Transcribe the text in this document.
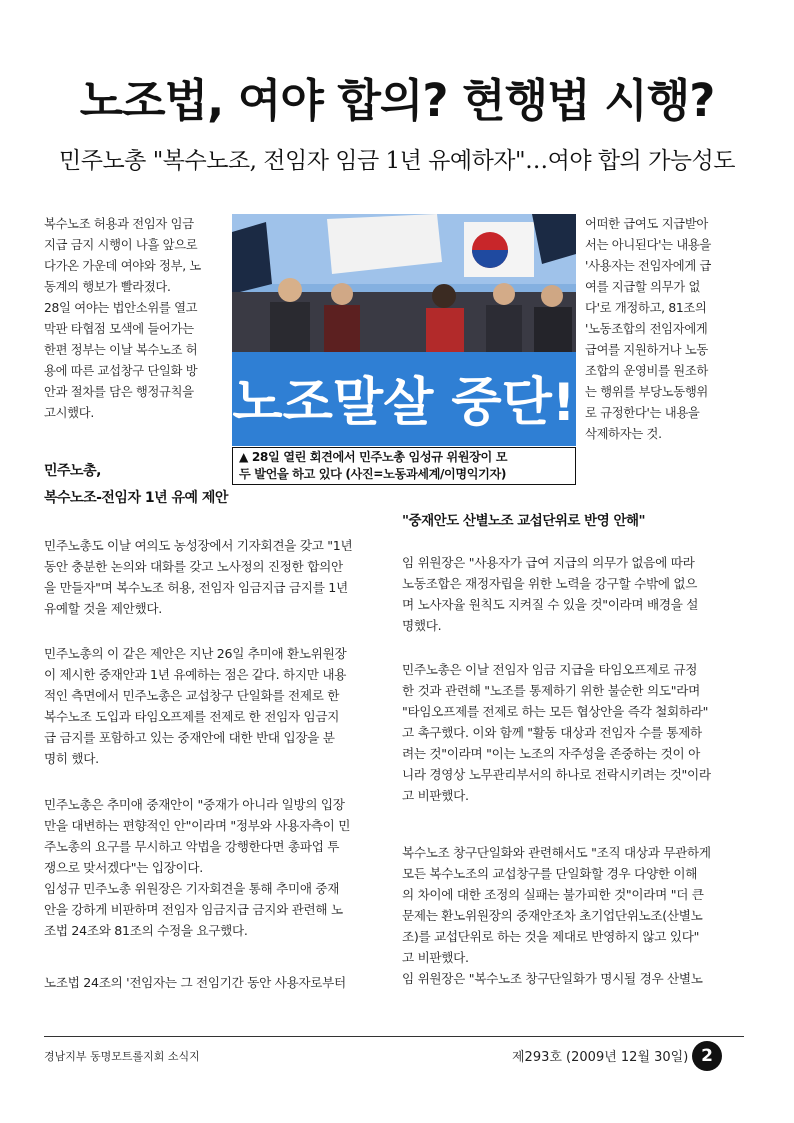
노조법, 여야 합의? 현행법 시행?
민주노총 "복수노조, 전임자 임금 1년 유예하자"…여야 합의 가능성도
복수노조 허용과 전임자 임금
지급 금지 시행이 나흘 앞으로
다가온 가운데 여야와 정부, 노
동계의 행보가 빨라졌다.
28일 여야는 법안소위를 열고
막판 타협점 모색에 들어가는
한편 정부는 이날 복수노조 허
용에 따른 교섭창구 단일화 방
안과 절차를 담은 행정규칙을
고시했다.
어떠한 급여도 지급받아
서는 아니된다'는 내용을
'사용자는 전임자에게 급
여를 지급할 의무가 없
다'로 개정하고, 81조의
'노동조합의 전임자에게
급여를 지원하거나 노동
조합의 운영비를 원조하
는 행위를 부당노동행위
로 규정한다'는 내용을
삭제하자는 것.
노조말살 중단!
▲ 28일 열린 회견에서 민주노총 임성규 위원장이 모
두 발언을 하고 있다 (사진=노동과세계/이명익기자)
민주노총,
복수노조-전임자 1년 유예 제안
"중재안도 산별노조 교섭단위로 반영 안해"
민주노총도 이날 여의도 농성장에서 기자회견을 갖고 "1년
동안 충분한 논의와 대화를 갖고 노사정의 진정한 합의안
을 만들자"며 복수노조 허용, 전임자 임금지급 금지를 1년
유예할 것을 제안했다.
민주노총의 이 같은 제안은 지난 26일 추미애 환노위원장
이 제시한 중재안과 1년 유예하는 점은 같다. 하지만 내용
적인 측면에서 민주노총은 교섭창구 단일화를 전제로 한
복수노조 도입과 타임오프제를 전제로 한 전임자 임금지
급 금지를 포함하고 있는 중재안에 대한 반대 입장을 분
명히 했다.
민주노총은 추미애 중재안이 "중재가 아니라 일방의 입장
만을 대변하는 편향적인 안"이라며 "정부와 사용자측이 민
주노총의 요구를 무시하고 악법을 강행한다면 총파업 투
쟁으로 맞서겠다"는 입장이다.
임성규 민주노총 위원장은 기자회견을 통해 추미애 중재
안을 강하게 비판하며 전임자 임금지급 금지와 관련해 노
조법 24조와 81조의 수정을 요구했다.
노조법 24조의 '전임자는 그 전임기간 동안 사용자로부터
임 위원장은 "사용자가 급여 지급의 의무가 없음에 따라
노동조합은 재정자립을 위한 노력을 강구할 수밖에 없으
며 노사자율 원칙도 지켜질 수 있을 것"이라며 배경을 설
명했다.
민주노총은 이날 전임자 임금 지급을 타임오프제로 규정
한 것과 관련해 "노조를 통제하기 위한 불순한 의도"라며
"타임오프제를 전제로 하는 모든 협상안을 즉각 철회하라"
고 촉구했다. 이와 함께 "활동 대상과 전임자 수를 통제하
려는 것"이라며 "이는 노조의 자주성을 존중하는 것이 아
니라 경영상 노무관리부서의 하나로 전락시키려는 것"이라
고 비판했다.
복수노조 창구단일화와 관련해서도 "조직 대상과 무관하게
모든 복수노조의 교섭창구를 단일화할 경우 다양한 이해
의 차이에 대한 조정의 실패는 불가피한 것"이라며 "더 큰
문제는 환노위원장의 중재안조차 초기업단위노조(산별노
조)를 교섭단위로 하는 것을 제대로 반영하지 않고 있다"
고 비판했다.
임 위원장은 "복수노조 창구단일화가 명시될 경우 산별노
경남지부 동명모트롤지회 소식지	제293호 (2009년 12월 30일) 2
